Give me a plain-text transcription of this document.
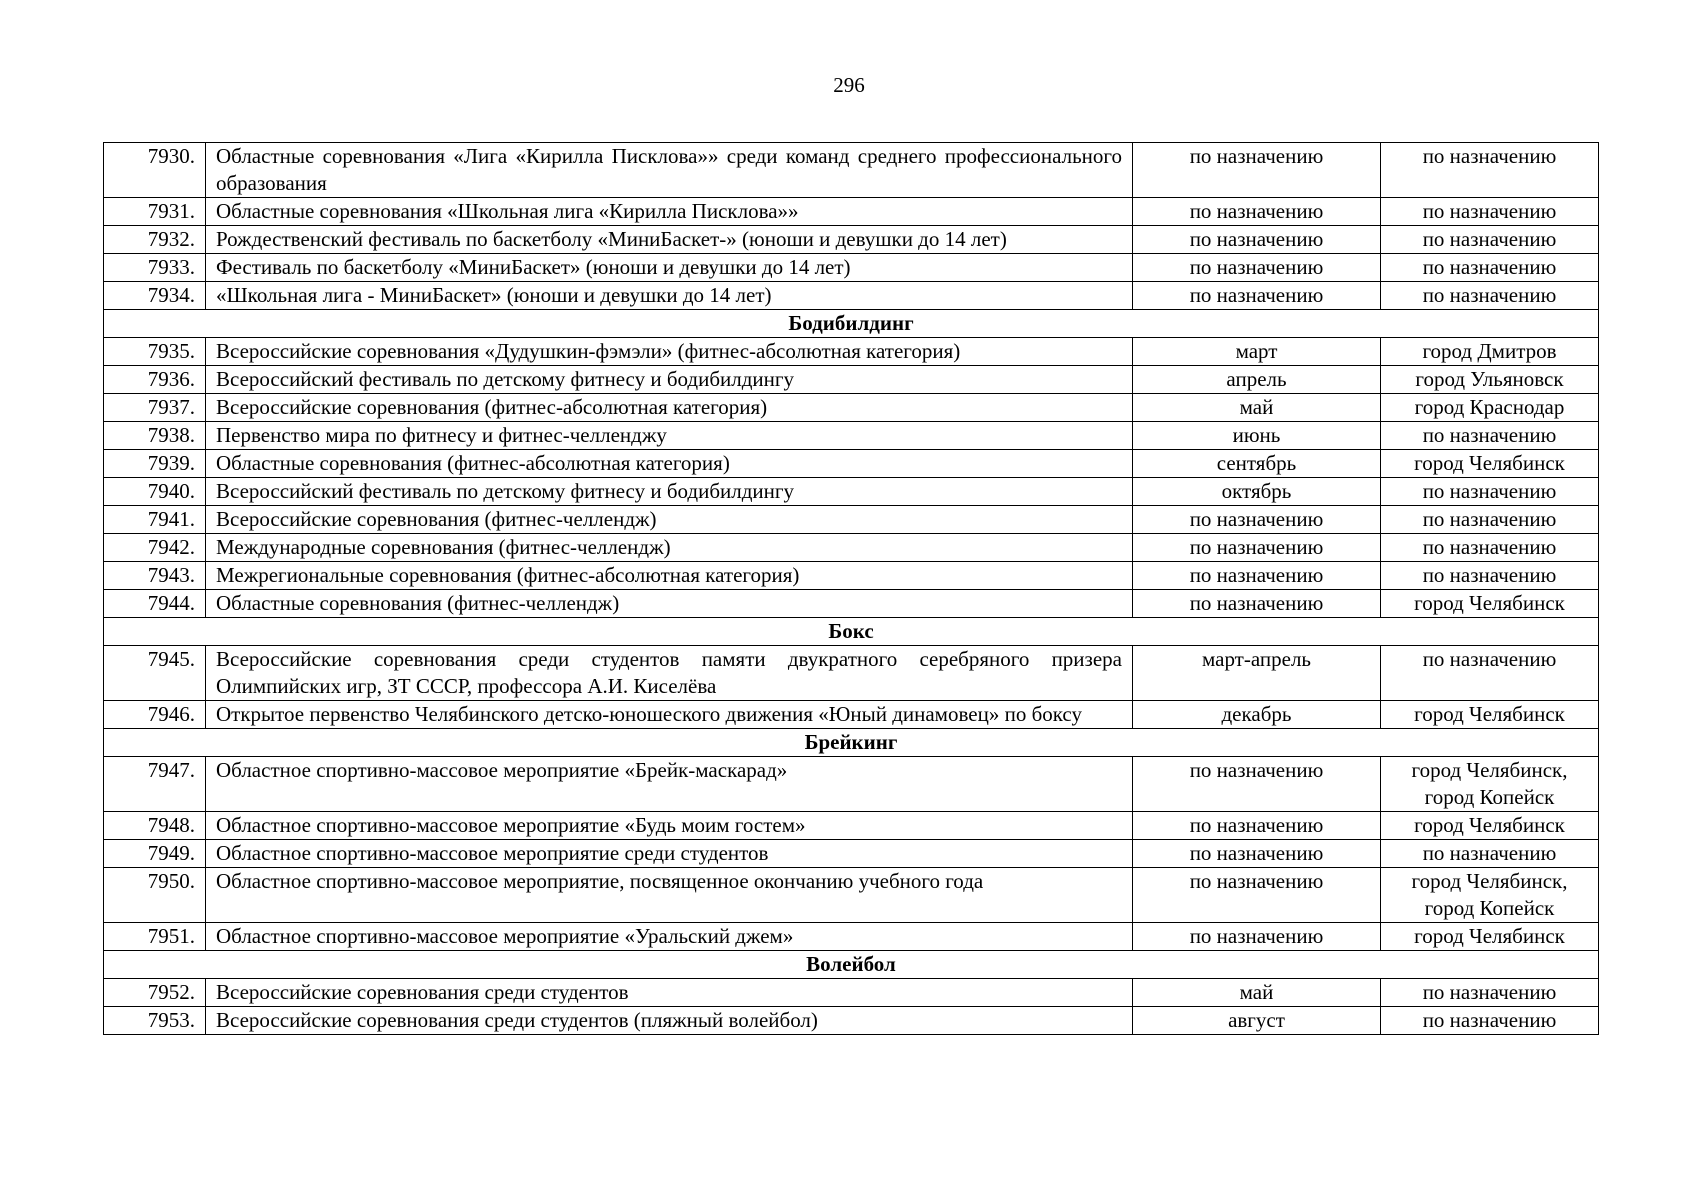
296
7930.	Областные соревнования «Лига «Кирилла Писклова»» среди команд среднего профессионального образования	по назначению	по назначению
7931.	Областные соревнования «Школьная лига «Кирилла Писклова»»	по назначению	по назначению
7932.	Рождественский фестиваль по баскетболу «МиниБаскет-» (юноши и девушки до 14 лет)	по назначению	по назначению
7933.	Фестиваль по баскетболу «МиниБаскет» (юноши и девушки до 14 лет)	по назначению	по назначению
7934.	«Школьная лига - МиниБаскет» (юноши и девушки до 14 лет)	по назначению	по назначению
Бодибилдинг			
7935.	Всероссийские соревнования «Дудушкин-фэмэли» (фитнес-абсолютная категория)	март	город Дмитров
7936.	Всероссийский фестиваль по детскому фитнесу и бодибилдингу	апрель	город Ульяновск
7937.	Всероссийские соревнования (фитнес-абсолютная категория)	май	город Краснодар
7938.	Первенство мира по фитнесу и фитнес-челленджу	июнь	по назначению
7939.	Областные соревнования (фитнес-абсолютная категория)	сентябрь	город Челябинск
7940.	Всероссийский фестиваль по детскому фитнесу и бодибилдингу	октябрь	по назначению
7941.	Всероссийские соревнования (фитнес-челлендж)	по назначению	по назначению
7942.	Международные соревнования (фитнес-челлендж)	по назначению	по назначению
7943.	Межрегиональные соревнования (фитнес-абсолютная категория)	по назначению	по назначению
7944.	Областные соревнования (фитнес-челлендж)	по назначению	город Челябинск
Бокс			
7945.	Всероссийские соревнования среди студентов памяти двукратного серебряного призера Олимпийских игр, ЗТ СССР, профессора А.И. Киселёва	март-апрель	по назначению
7946.	Открытое первенство Челябинского детско-юношеского движения «Юный динамовец» по боксу	декабрь	город Челябинск
Брейкинг			
7947.	Областное спортивно-массовое мероприятие «Брейк-маскарад»	по назначению	город Челябинск, город Копейск
7948.	Областное спортивно-массовое мероприятие «Будь моим гостем»	по назначению	город Челябинск
7949.	Областное спортивно-массовое мероприятие среди студентов	по назначению	по назначению
7950.	Областное спортивно-массовое мероприятие, посвященное окончанию учебного года	по назначению	город Челябинск, город Копейск
7951.	Областное спортивно-массовое мероприятие «Уральский джем»	по назначению	город Челябинск
Волейбол			
7952.	Всероссийские соревнования среди студентов	май	по назначению
7953.	Всероссийские соревнования среди студентов (пляжный волейбол)	август	по назначению
